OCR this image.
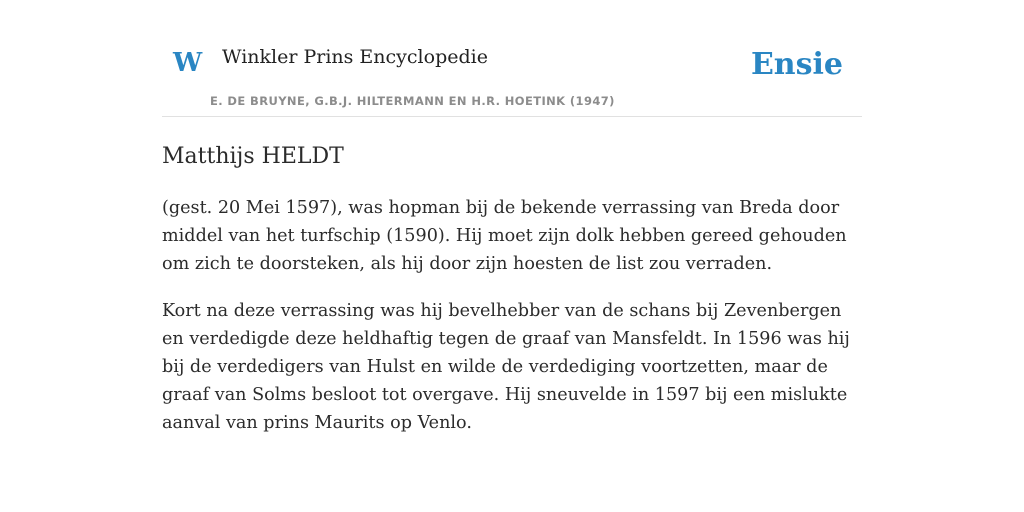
W Winkler Prins Encyclopedie
E. DE BRUYNE, G.B.J. HILTERMANN EN H.R. HOETINK (1947)
Ensie
Matthijs HELDT

(gest. 20 Mei 1597), was hopman bij de bekende verrassing van Breda door middel van het turfschip (1590). Hij moet zijn dolk hebben gereed gehouden om zich te doorsteken, als hij door zijn hoesten de list zou verraden.

Kort na deze verrassing was hij bevelhebber van de schans bij Zevenbergen en verdedigde deze heldhaftig tegen de graaf van Mansfeldt. In 1596 was hij bij de verdedigers van Hulst en wilde de verdediging voortzetten, maar de graaf van Solms besloot tot overgave. Hij sneuvelde in 1597 bij een mislukte aanval van prins Maurits op Venlo.
